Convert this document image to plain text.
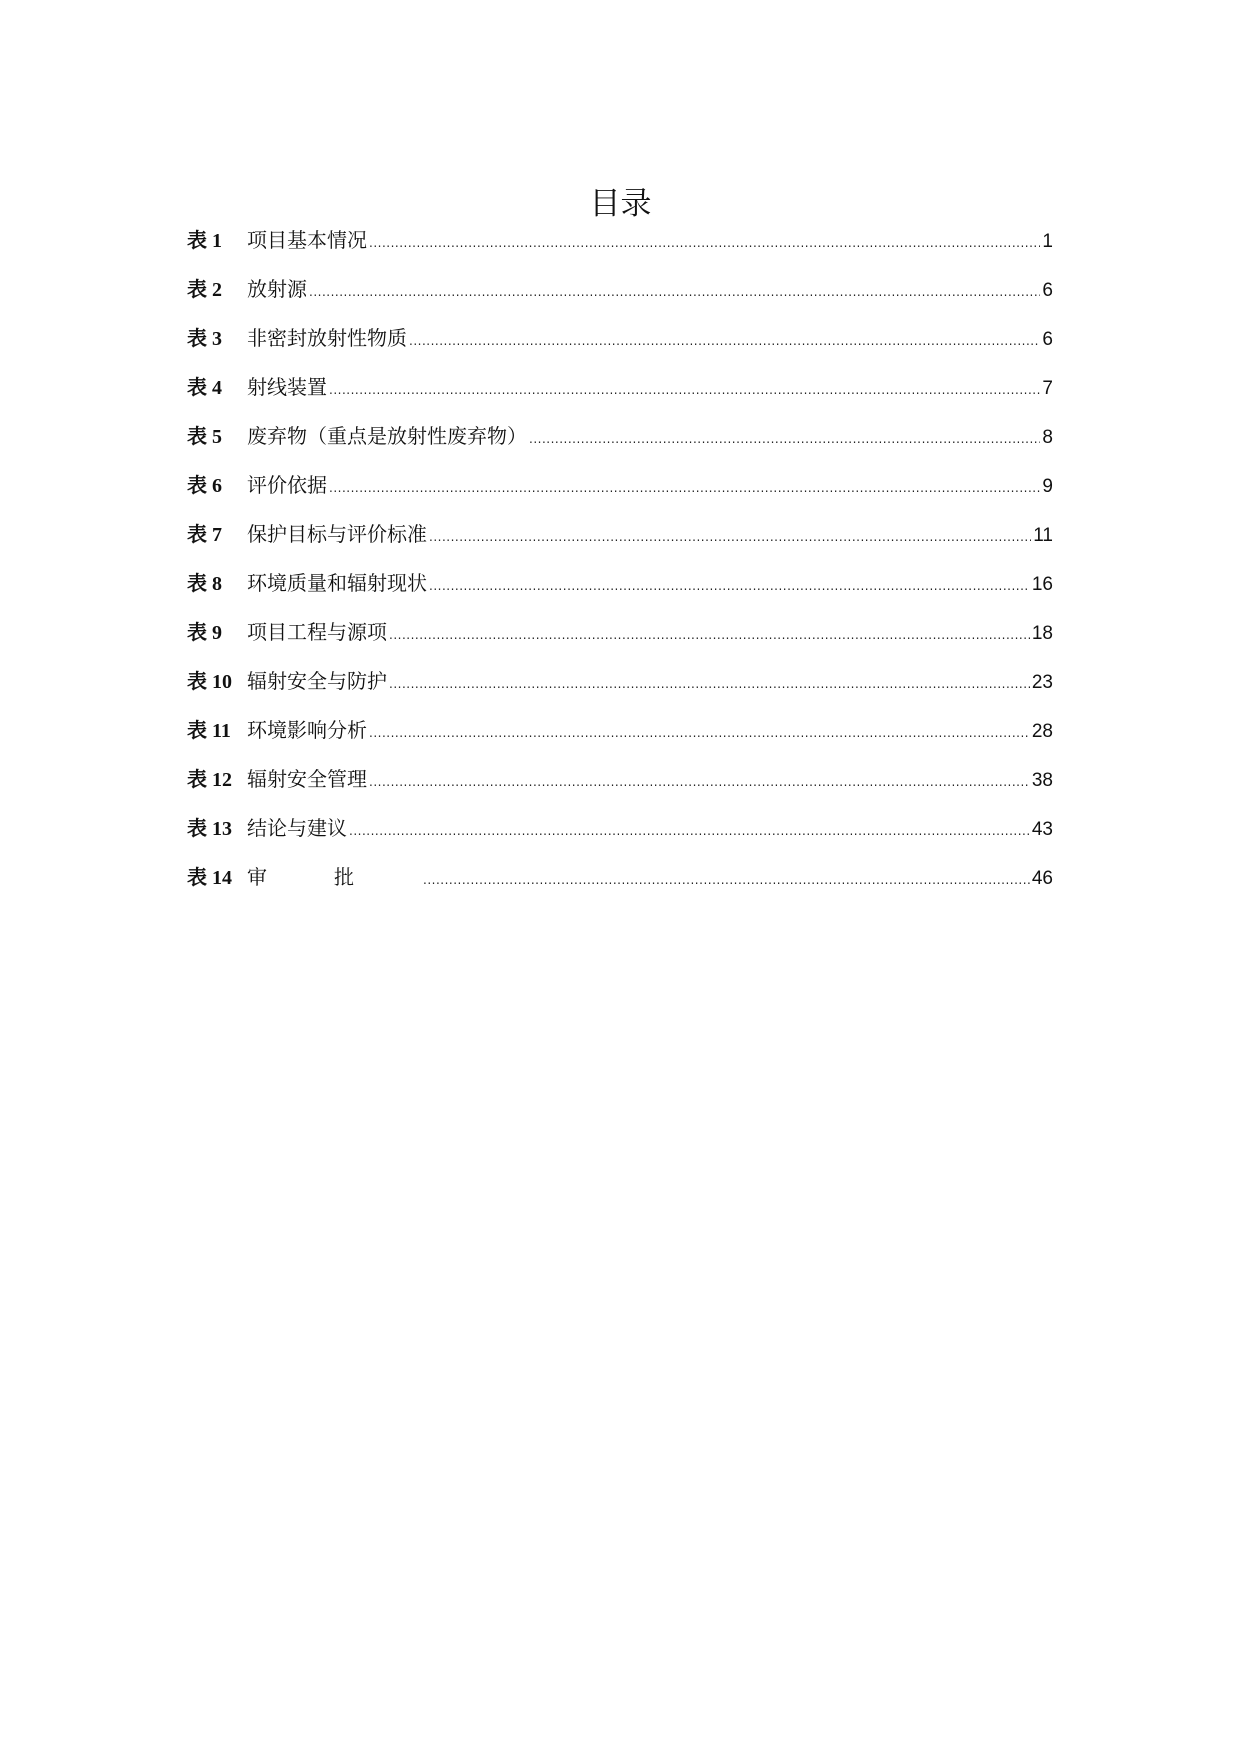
目录
表 1	项目基本情况 .....	1
表 2	放射源 .....	6
表 3	非密封放射性物质 .....	6
表 4	射线装置 .....	7
表 5	废弃物（重点是放射性废弃物） .....	8
表 6	评价依据 .....	9
表 7	保护目标与评价标准 .....	11
表 8	环境质量和辐射现状 .....	16
表 9	项目工程与源项 .....	18
表 10 辐射安全与防护 .....	23
表 11 环境影响分析 .....	28
表 12 辐射安全管理 .....	38
表 13 结论与建议 .....	43
表 14 审批 .....	46
